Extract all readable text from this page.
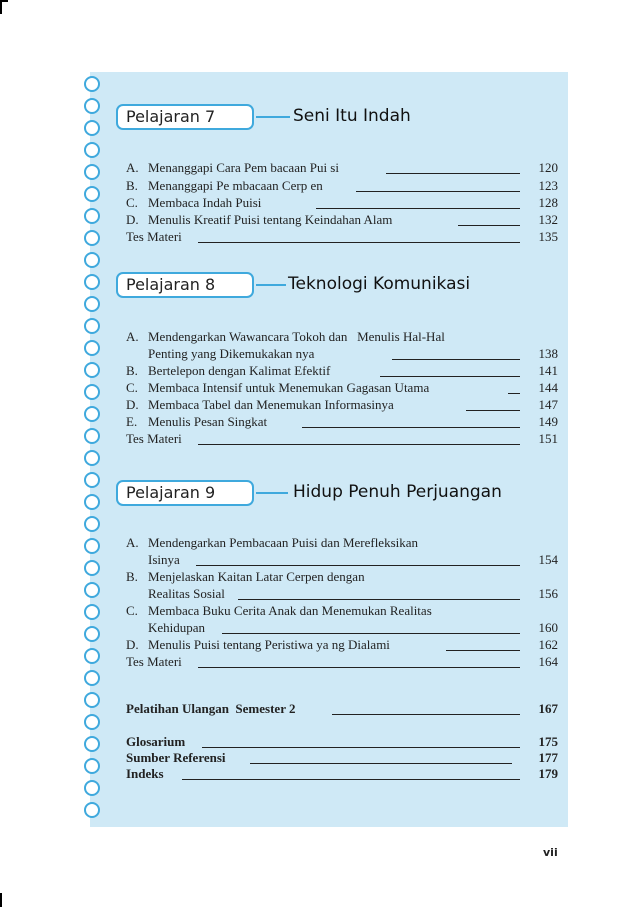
Pelajaran 7	Seni Itu Indah
A. Menanggapi Cara Pem bacaan Pui si	120
B. Menanggapi Pe mbacaan Cerp en	123
C. Membaca Indah Puisi	128
D. Menulis Kreatif Puisi tentang Keindahan Alam	132
Tes Materi	135
Pelajaran 8	Teknologi Komunikasi
A. Mendengarkan Wawancara Tokoh dan   Menulis Hal-Hal
Penting yang Dikemukakan nya	138
B. Bertelepon dengan Kalimat Efektif	141
C. Membaca Intensif untuk Menemukan Gagasan Utama	144
D. Membaca Tabel dan Menemukan Informasinya	147
E. Menulis Pesan Singkat	149
Tes Materi	151
Pelajaran 9	Hidup Penuh Perjuangan
A. Mendengarkan Pembacaan Puisi dan Merefleksikan
Isinya	154
B. Menjelaskan Kaitan Latar Cerpen dengan
Realitas Sosial	156
C. Membaca Buku Cerita Anak dan Menemukan Realitas
Kehidupan	160
D. Menulis Puisi tentang Peristiwa ya ng Dialami	162
Tes Materi	164
Pelatihan Ulangan  Semester 2	167
Glosarium	175
Sumber Referensi	177
Indeks	179
vii
